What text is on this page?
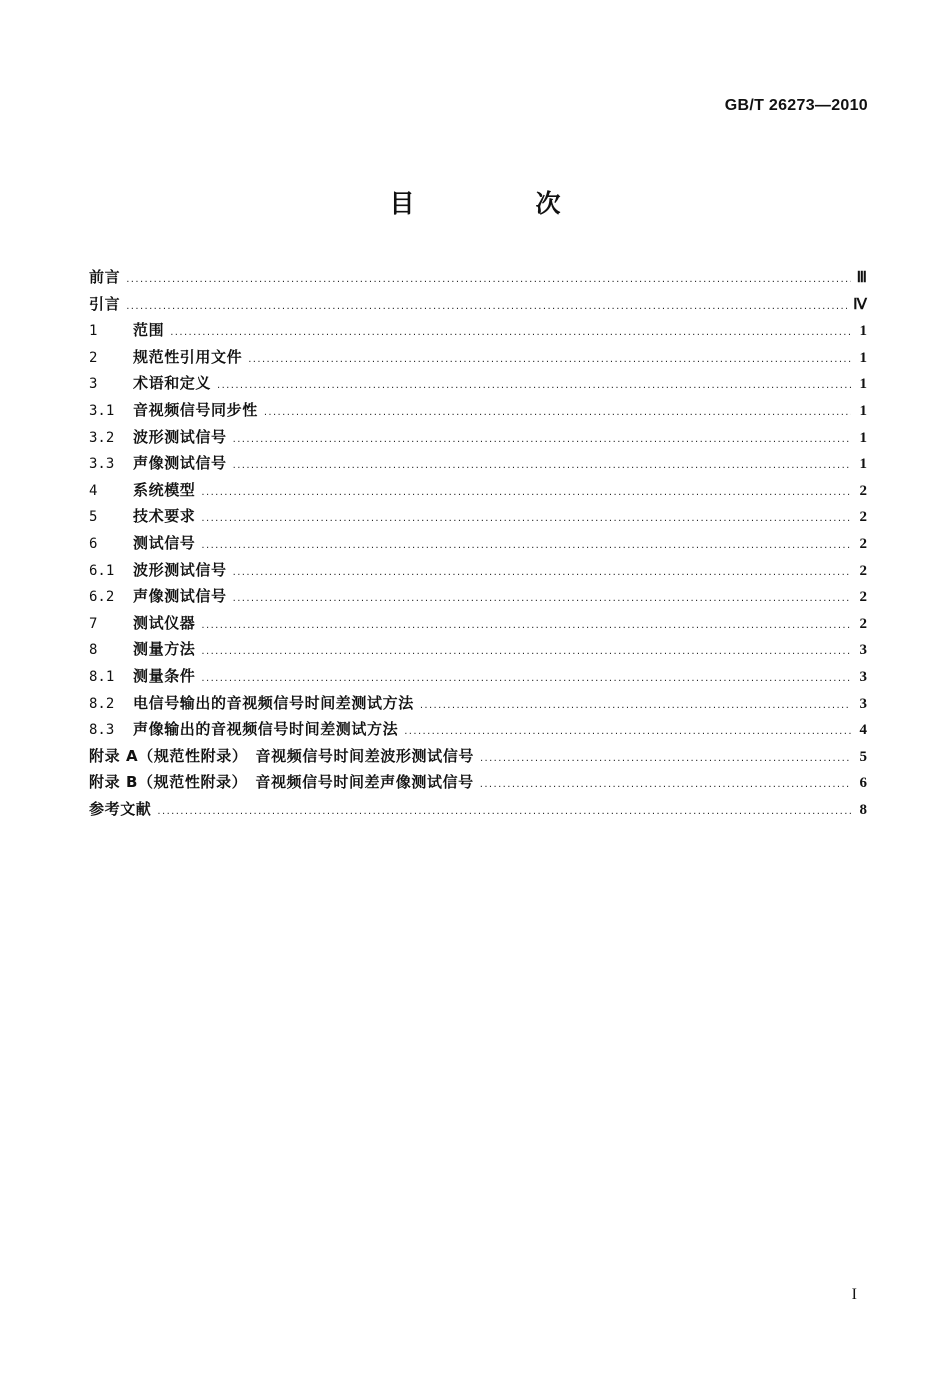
GB/T 26273—2010
目　次
前言 .....	Ⅲ
引言 .....	Ⅳ
1	范围 .....	1
2	规范性引用文件 .....	1
3	术语和定义 .....	1
3.1	音视频信号同步性 .....	1
3.2	波形测试信号 .....	1
3.3	声像测试信号 .....	1
4	系统模型 .....	2
5	技术要求 .....	2
6	测试信号 .....	2
6.1	波形测试信号 .....	2
6.2	声像测试信号 .....	2
7	测试仪器 .....	2
8	测量方法 .....	3
8.1	测量条件 .....	3
8.2	电信号输出的音视频信号时间差测试方法 .....	3
8.3	声像输出的音视频信号时间差测试方法 .....	4
附录 A（规范性附录）　音视频信号时间差波形测试信号 .....	5
附录 B（规范性附录）　音视频信号时间差声像测试信号 .....	6
参考文献 .....	8
I
